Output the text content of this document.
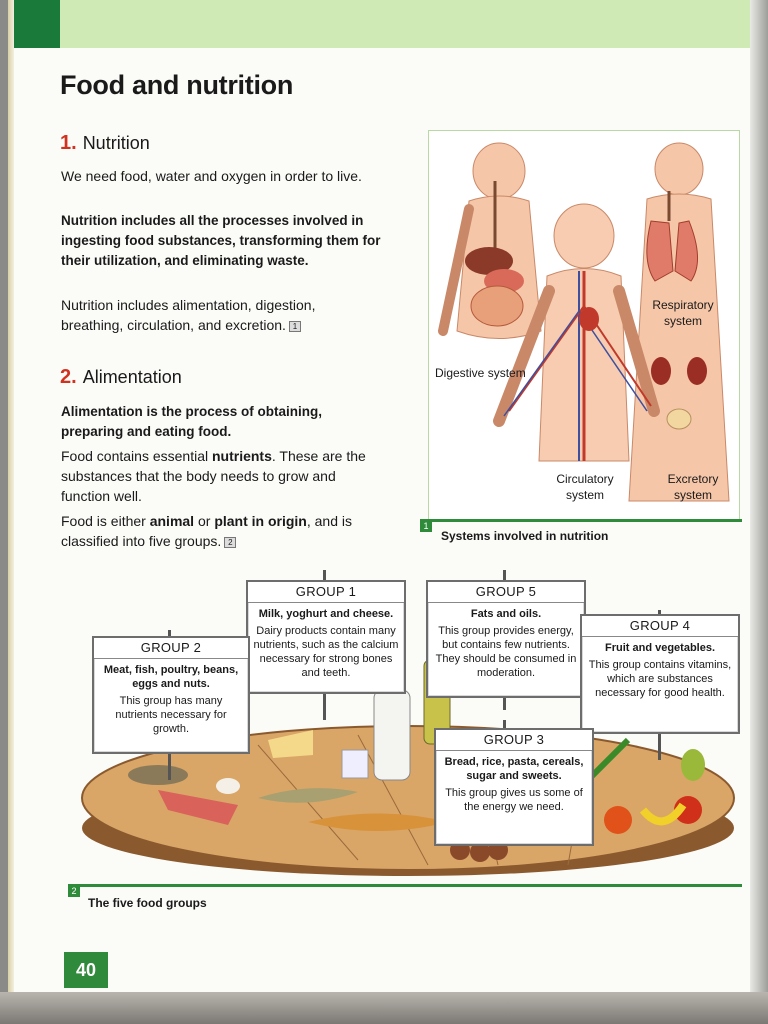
Food and nutrition
1. Nutrition
We need food, water and oxygen in order to live.
Nutrition includes all the processes involved in ingesting food substances, transforming them for their utilization, and eliminating waste.
Nutrition includes alimentation, digestion, breathing, circulation, and excretion. 1
2. Alimentation
Alimentation is the process of obtaining, preparing and eating food.
Food contains essential nutrients. These are the substances that the body needs to grow and function well.
Food is either animal or plant in origin, and is classified into five groups. 2
Digestive system
Respiratory system
Circulatory system
Excretory system
1
Systems involved in nutrition
GROUP 1
Milk, yoghurt and cheese.
Dairy products contain many nutrients, such as the calcium necessary for strong bones and teeth.
GROUP 2
Meat, fish, poultry, beans, eggs and nuts.
This group has many nutrients necessary for growth.
GROUP 5
Fats and oils.
This group provides energy, but contains few nutrients. They should be consumed in moderation.
GROUP 4
Fruit and vegetables.
This group contains vitamins, which are substances necessary for good health.
GROUP 3
Bread, rice, pasta, cereals, sugar and sweets.
This group gives us some of the energy we need.
2
The five food groups
40
